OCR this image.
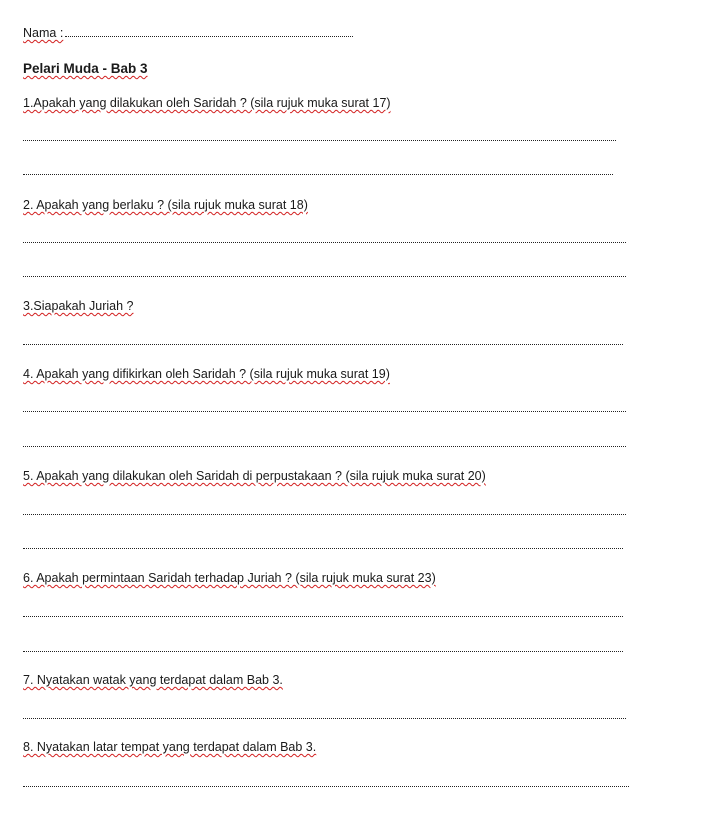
Nama :
Pelari Muda - Bab 3
1.Apakah yang dilakukan oleh Saridah ? (sila rujuk muka surat 17)
2. Apakah yang berlaku ? (sila rujuk muka surat 18)
3.Siapakah Juriah ?
4. Apakah yang difikirkan oleh Saridah ? (sila rujuk muka surat 19)
5. Apakah yang dilakukan oleh Saridah di perpustakaan ? (sila rujuk muka surat 20)
6. Apakah permintaan Saridah terhadap Juriah ? (sila rujuk muka surat 23)
7. Nyatakan watak yang terdapat dalam Bab 3.
8. Nyatakan latar tempat yang terdapat dalam Bab 3.
